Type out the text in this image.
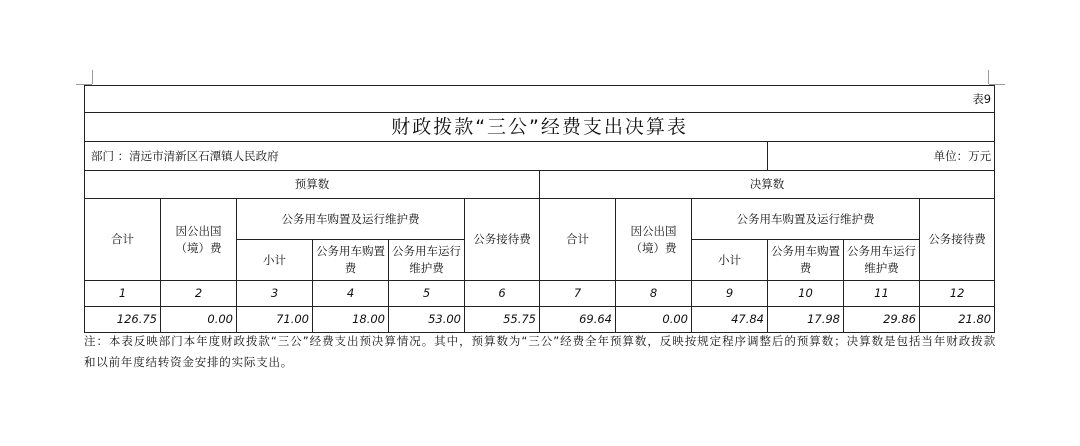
表9											
财政拨款“三公”经费支出决算表											
部门 ：清远市清新区石潭镇人民政府									单位：万元		
预算数						决算数					
合计	因公出国（境）费	公务用车购置及运行维护费			公务接待费	合计	因公出国（境）费	公务用车购置及运行维护费			公务接待费
		小计	公务用车购置费	公务用车运行维护费				小计	公务用车购置费	公务用车运行维护费	
1	2	3	4	5	6	7	8	9	10	11	12
126.75	0.00	71.00	18.00	53.00	55.75	69.64	0.00	47.84	17.98	29.86	21.80
注：本表反映部门本年度财政拨款“三公”经费支出预决算情况。其中，预算数为“三公”经费全年预算数，反映按规定程序调整后的预算数；决算数是包括当年财政拨款和以前年度结转资金安排的实际支出。
